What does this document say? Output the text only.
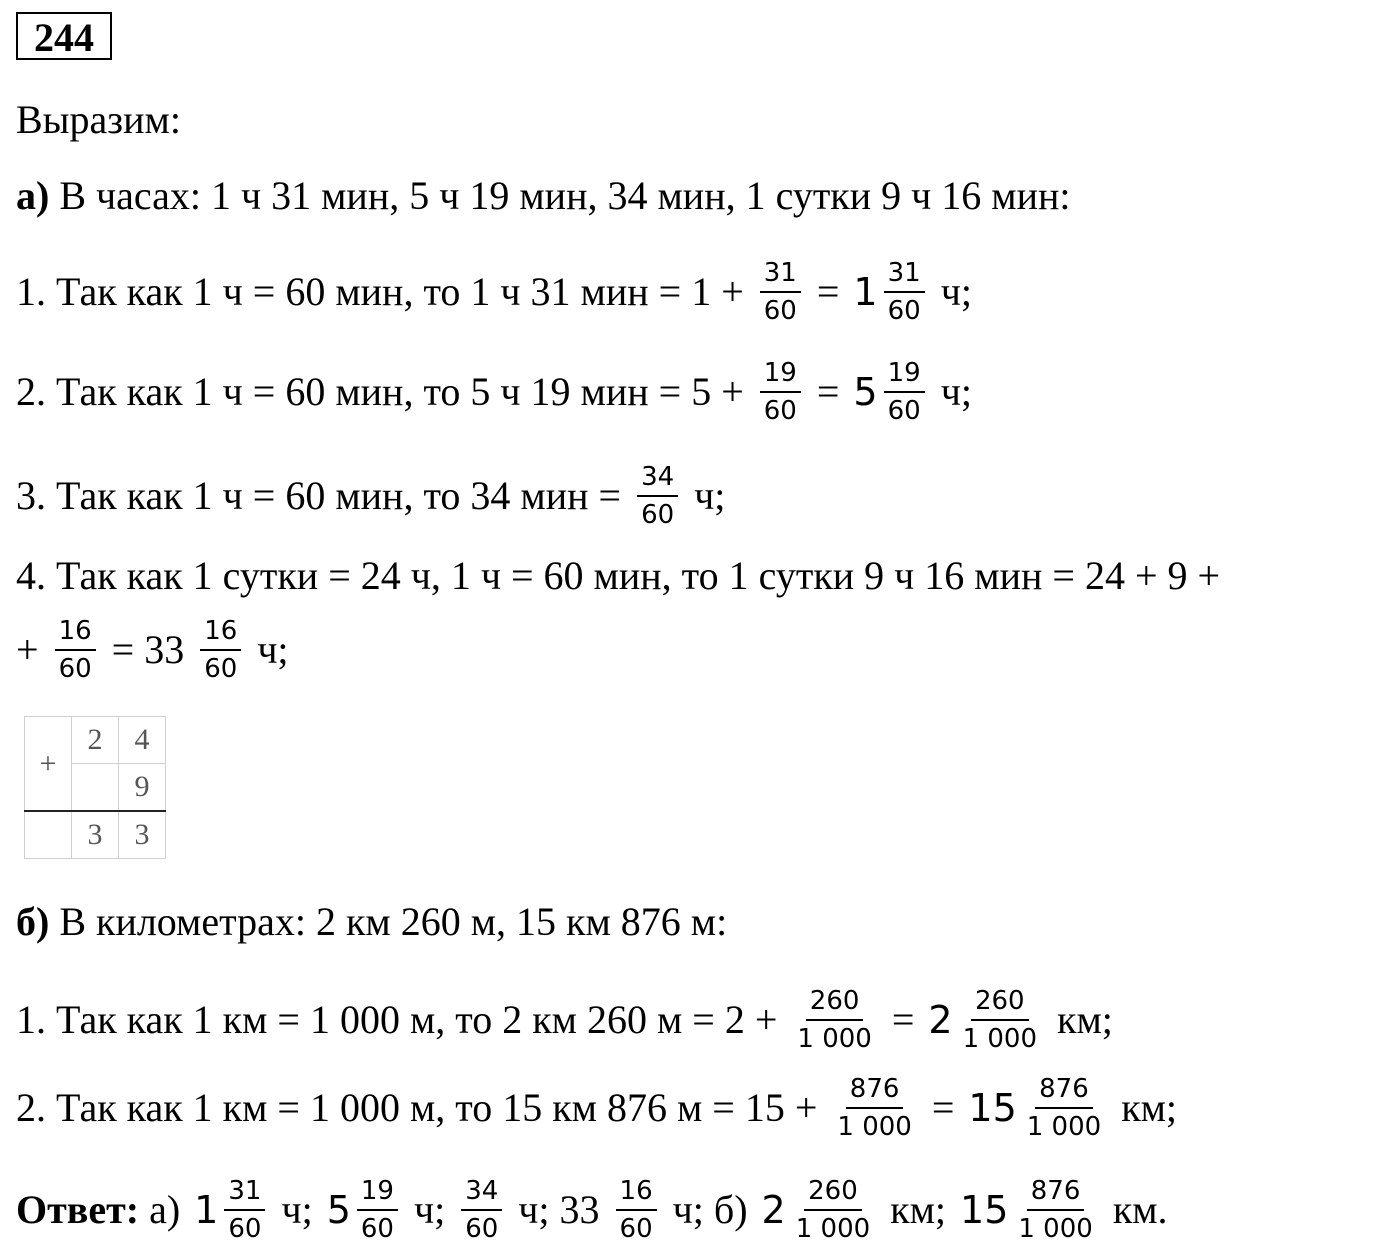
244
Выразим:
а) В часах: 1 ч 31 мин, 5 ч 19 мин, 34 мин, 1 сутки 9 ч 16 мин:
1. Так как 1 ч = 60 мин, то 1 ч 31 мин = $1 + \frac{31}{60} = 1 \frac{31}{60} ч$;
2. Так как 1 ч = 60 мин, то 5 ч 19 мин = $5 + \frac{19}{60} = 5 \frac{19}{60} ч$;
3. Так как 1 ч = 60 мин, то 34 мин = $\frac{34}{60} ч$;
4. Так как 1 сутки = 24 ч, 1 ч = 60 мин, то 1 сутки 9 ч 16 мин = 24 + 9 +
+ $\frac{16}{60} = 33 \frac{16}{60} ч$;
+	2	4
		9
	3	3
б) В километрах: 2 км 260 м, 15 км 876 м:
1. Так как 1 км = 1 000 м, то 2 км 260 $м = 2 + \frac{260}{1 000} = 2 \frac{260}{1 000}$ км;
2. Так как 1 км = 1 000 м, то 15 км 876 $м = 15 + \frac{876}{1 000} = 15 \frac{876}{1 000}$ км;
Ответ: а) $1 \frac{31}{60} ч$; $5 \frac{19}{60} ч$; $\frac{34}{60} ч$; $33 \frac{16}{60} ч$; б) $2 \frac{260}{1 000}$ км; $15 \frac{876}{1 000}$ км.
